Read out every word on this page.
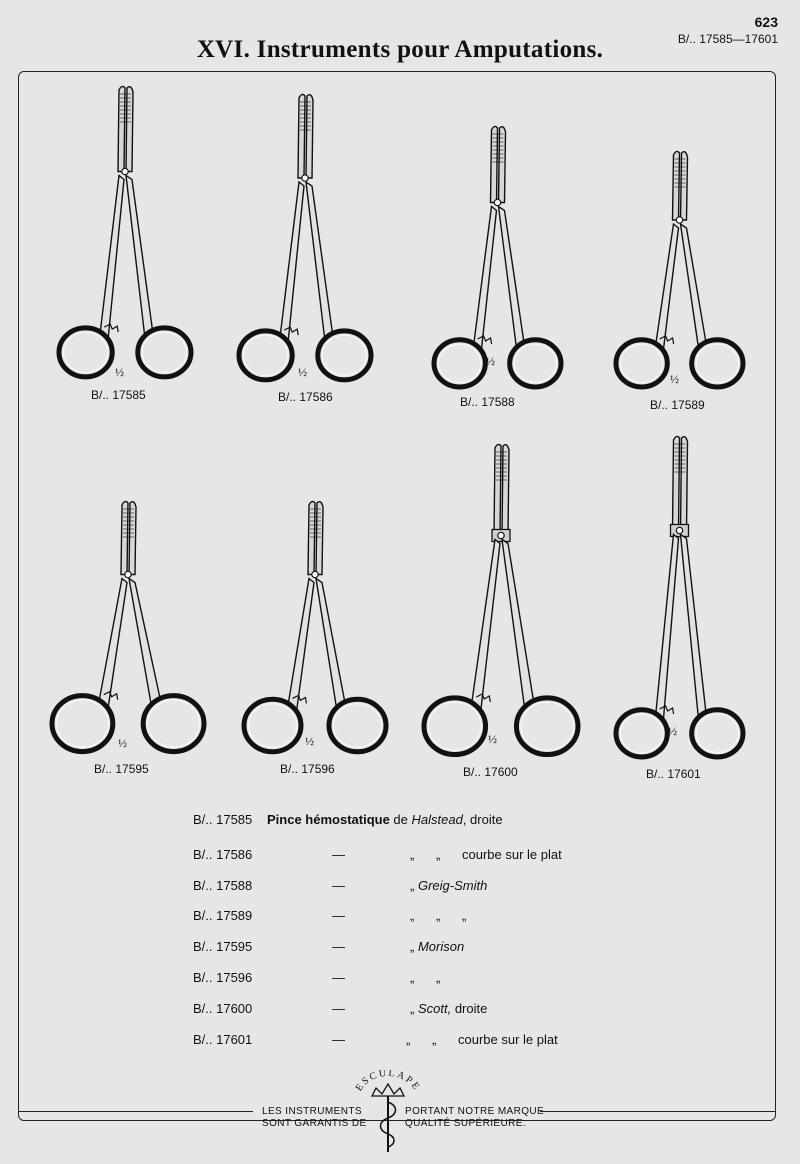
623
B/.. 17585—17601
XVI. Instruments pour Amputations.
½
B/.. 17585
½
B/.. 17586
½
B/.. 17588
½
B/.. 17589
½
B/.. 17595
½
B/.. 17596
½
B/.. 17600
½
B/.. 17601
B/.. 17585 Pince hémostatique de Halstead, droite
B/.. 17586	—	„      „      courbe sur le plat
B/.. 17588	—	„ Greig-Smith
B/.. 17589	—	„      „      „
B/.. 17595	—	„ Morison
B/.. 17596	—	„      „
B/.. 17600	—	„ Scott, droite
B/.. 17601	—	„      „      courbe sur le plat
LES INSTRUMENTS
SONT GARANTIS DE
PORTANT NOTRE MARQUE
QUALITÉ SUPÉRIEURE.
ESCULAPE
